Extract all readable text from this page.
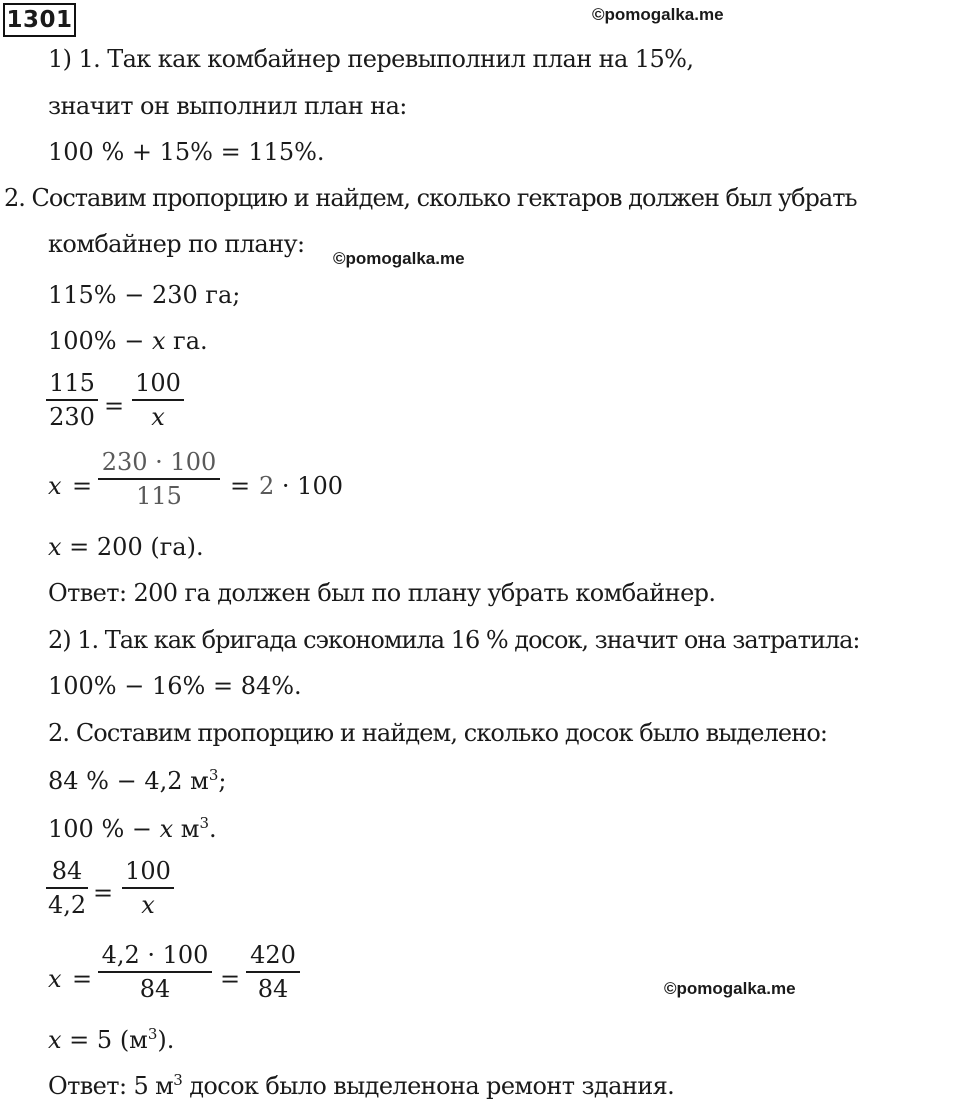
1301	©pomogalka.me
©pomogalka.me
©pomogalka.me
1) 1. Так как комбайнер перевыполнил план на 15%,
значит он выполнил план на:
100 % + 15% = 115%.
2. Составим пропорцию и найдем, сколько гектаров должен был убрать
комбайнер по плану:
115% − 230 га;
100% − x га.
$\frac{115}{230} = \frac{100}{x}$
$x = \frac{230 \cdot 100}{115} = 2 \cdot 100$
x = 200 (га).
Ответ: 200 га должен был по плану убрать комбайнер.
2) 1. Так как бригада сэкономила 16 % досок, значит она затратила:
100% − 16% = 84%.
2. Составим пропорцию и найдем, сколько досок было выделено:
84 % − 4,2 $м^3$;
100 % − x $м^3$.
$\frac{84}{4,2} = \frac{100}{x}$
$x = \frac{4,2 \cdot 100}{84} = \frac{420}{84}$
x = 5 $(м^3)$.
Ответ: 5 $м^3$ досок было выделенона ремонт здания.
